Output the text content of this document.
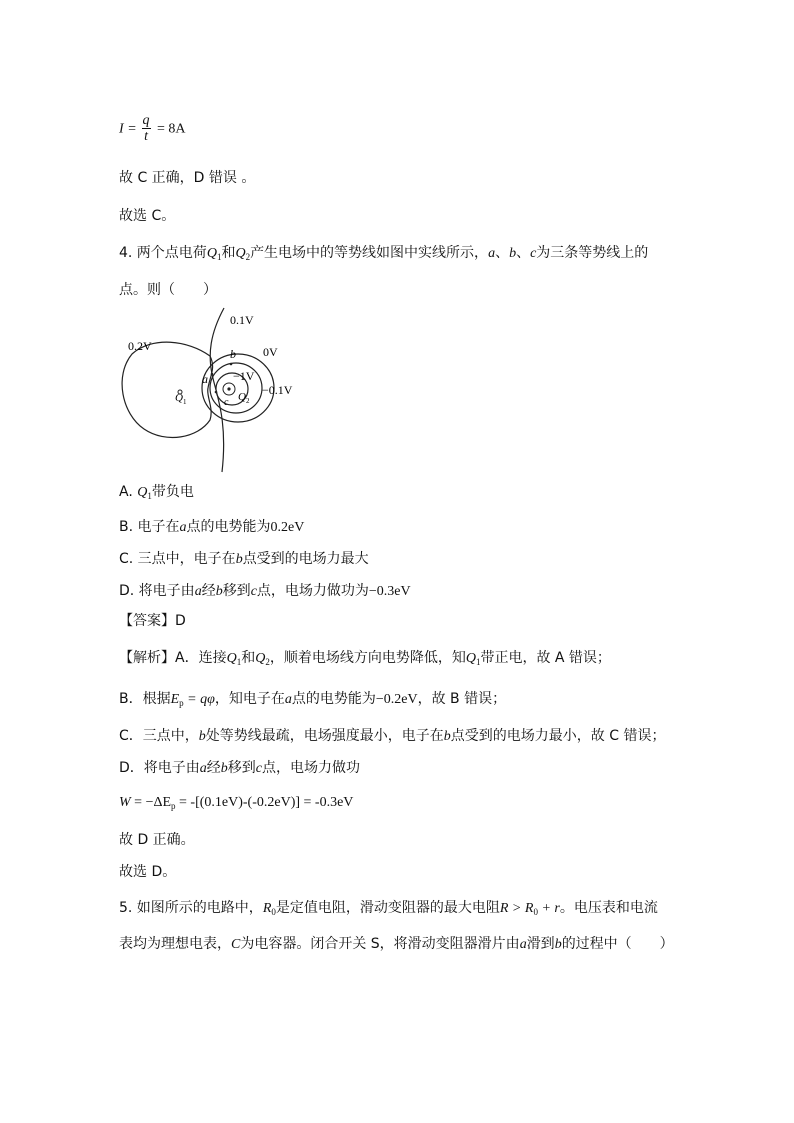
$I = \frac{q}{t} = 8A$
故 C 正确，D 错误 。
故选 C。
4. 两个点电荷$Q_1$和$Q_2$产生电场中的等势线如图中实线所示，a、b、c为三条等势线上的
点。则（　　）
0.1V
0.2V	0V
b
a
c
−1V
−0.1V
$Q_1$	$Q_2$
A. $Q_1$带负电
B. 电子在a点的电势能为0.2eV
C. 三点中，电子在b点受到的电场力最大
D. 将电子由a经b移到c点，电场力做功为−0.3eV
【答案】D
【解析】A．连接$Q_1$和$Q_2$，顺着电场线方向电势降低，知$Q_1$带正电，故 A 错误；
B．根据$E_p = q\varphi$，知电子在a点的电势能为−0.2eV，故 B 错误；
C．三点中，b处等势线最疏，电场强度最小，电子在b点受到的电场力最小，故 C 错误；
D．将电子由a经b移到c点，电场力做功
$W = -\Delta E_p = -[(0.1eV)-(-0.2eV)] = -0.3eV$
故 D 正确。
故选 D。
5. 如图所示的电路中，$R_0$是定值电阻，滑动变阻器的最大电阻$R > R_0 + r$。电压表和电流
表均为理想电表，C为电容器。闭合开关 S，将滑动变阻器滑片由a滑到b的过程中（　　）
